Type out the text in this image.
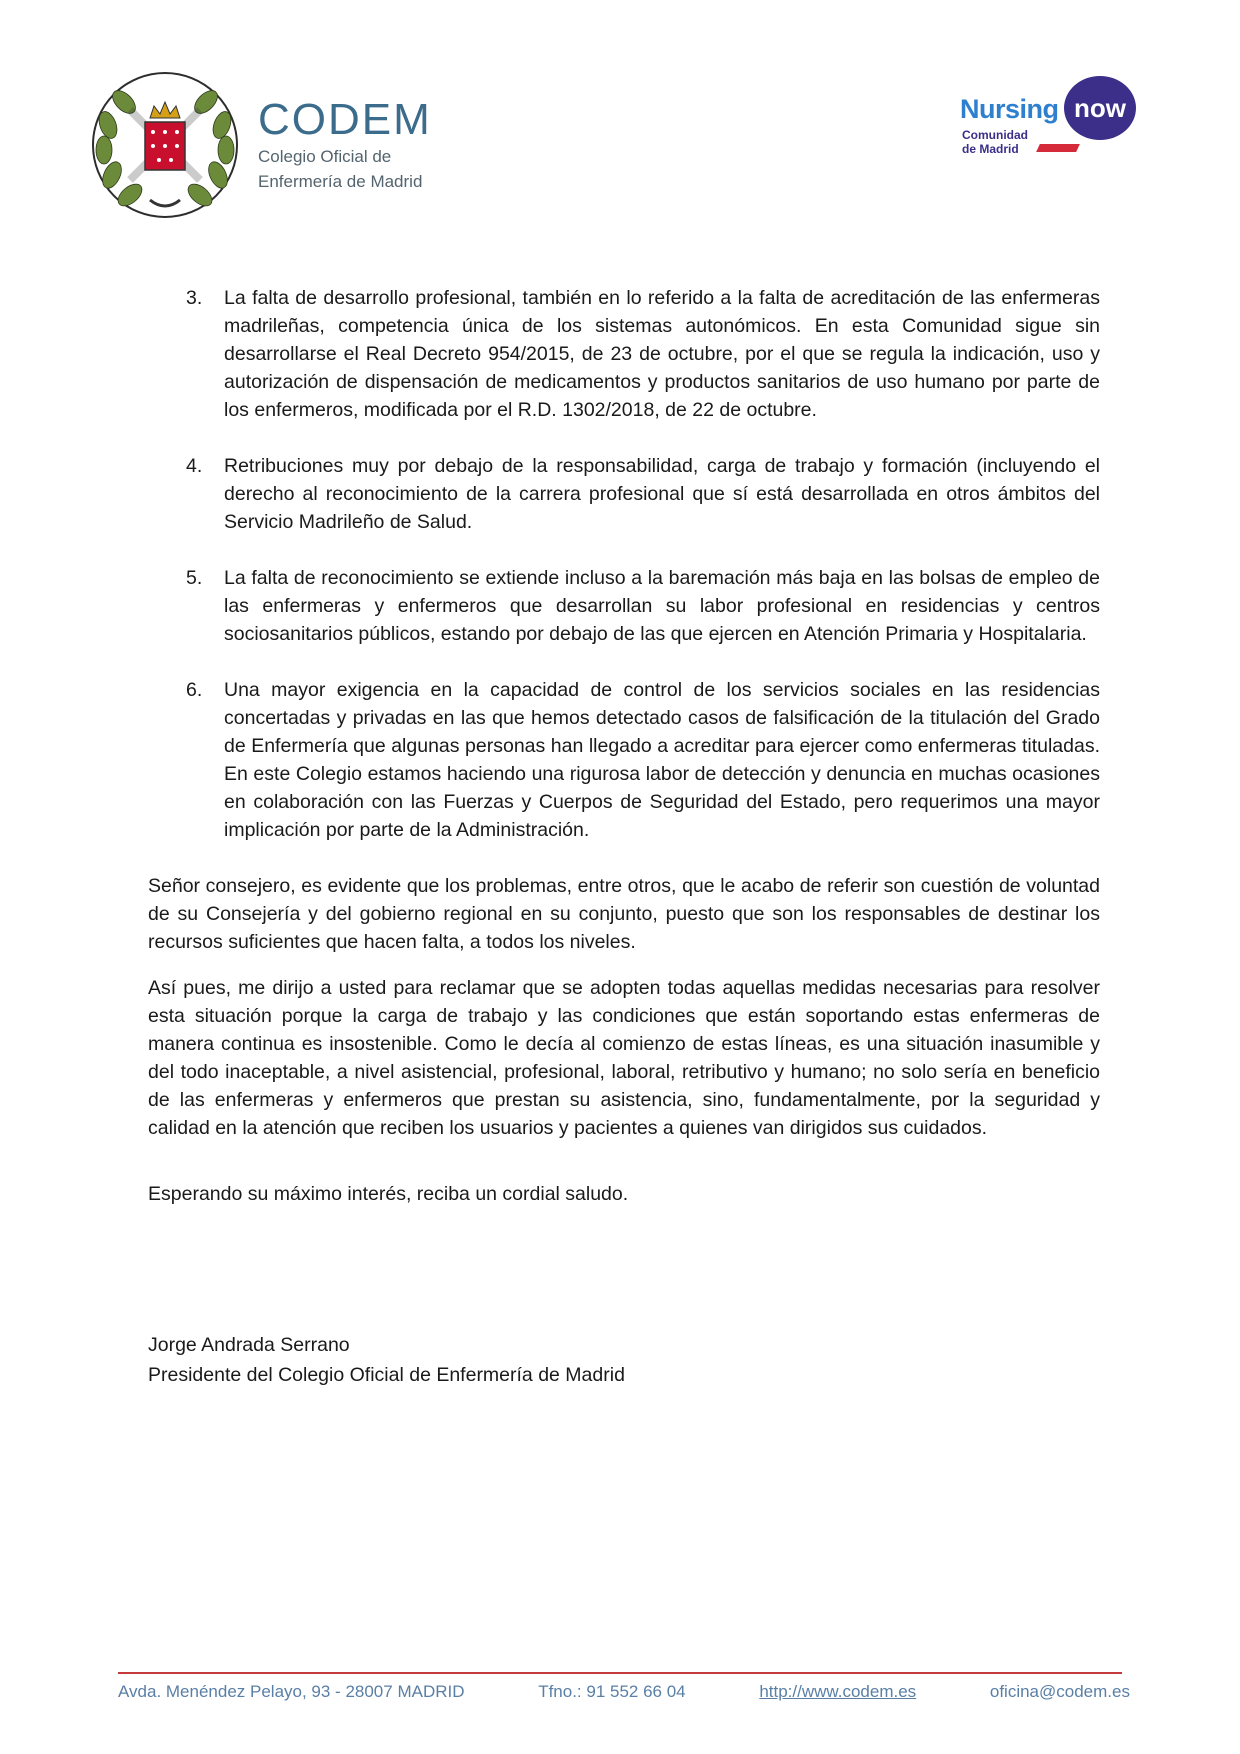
CODEM
Colegio Oficial de
Enfermería de Madrid
Nursing now
Comunidad
de Madrid
3. La falta de desarrollo profesional, también en lo referido a la falta de acreditación de las enfermeras madrileñas, competencia única de los sistemas autonómicos. En esta Comunidad sigue sin desarrollarse el Real Decreto 954/2015, de 23 de octubre, por el que se regula la indicación, uso y autorización de dispensación de medicamentos y productos sanitarios de uso humano por parte de los enfermeros, modificada por el R.D. 1302/2018, de 22 de octubre.
4. Retribuciones muy por debajo de la responsabilidad, carga de trabajo y formación (incluyendo el derecho al reconocimiento de la carrera profesional que sí está desarrollada en otros ámbitos del Servicio Madrileño de Salud.
5. La falta de reconocimiento se extiende incluso a la baremación más baja en las bolsas de empleo de las enfermeras y enfermeros que desarrollan su labor profesional en residencias y centros sociosanitarios públicos, estando por debajo de las que ejercen en Atención Primaria y Hospitalaria.
6. Una mayor exigencia en la capacidad de control de los servicios sociales en las residencias concertadas y privadas en las que hemos detectado casos de falsificación de la titulación del Grado de Enfermería que algunas personas han llegado a acreditar para ejercer como enfermeras tituladas. En este Colegio estamos haciendo una rigurosa labor de detección y denuncia en muchas ocasiones en colaboración con las Fuerzas y Cuerpos de Seguridad del Estado, pero requerimos una mayor implicación por parte de la Administración.

Señor consejero, es evidente que los problemas, entre otros, que le acabo de referir son cuestión de voluntad de su Consejería y del gobierno regional en su conjunto, puesto que son los responsables de destinar los recursos suficientes que hacen falta, a todos los niveles.

Así pues, me dirijo a usted para reclamar que se adopten todas aquellas medidas necesarias para resolver esta situación porque la carga de trabajo y las condiciones que están soportando estas enfermeras de manera continua es insostenible. Como le decía al comienzo de estas líneas, es una situación inasumible y del todo inaceptable, a nivel asistencial, profesional, laboral, retributivo y humano; no solo sería en beneficio de las enfermeras y enfermeros que prestan su asistencia, sino, fundamentalmente, por la seguridad y calidad en la atención que reciben los usuarios y pacientes a quienes van dirigidos sus cuidados.

Esperando su máximo interés, reciba un cordial saludo.

Jorge Andrada Serrano
Presidente del Colegio Oficial de Enfermería de Madrid
Avda. Menéndez Pelayo, 93 - 28007 MADRID	Tfno.: 91 552 66 04	http://www.codem.es	oficina@codem.es
